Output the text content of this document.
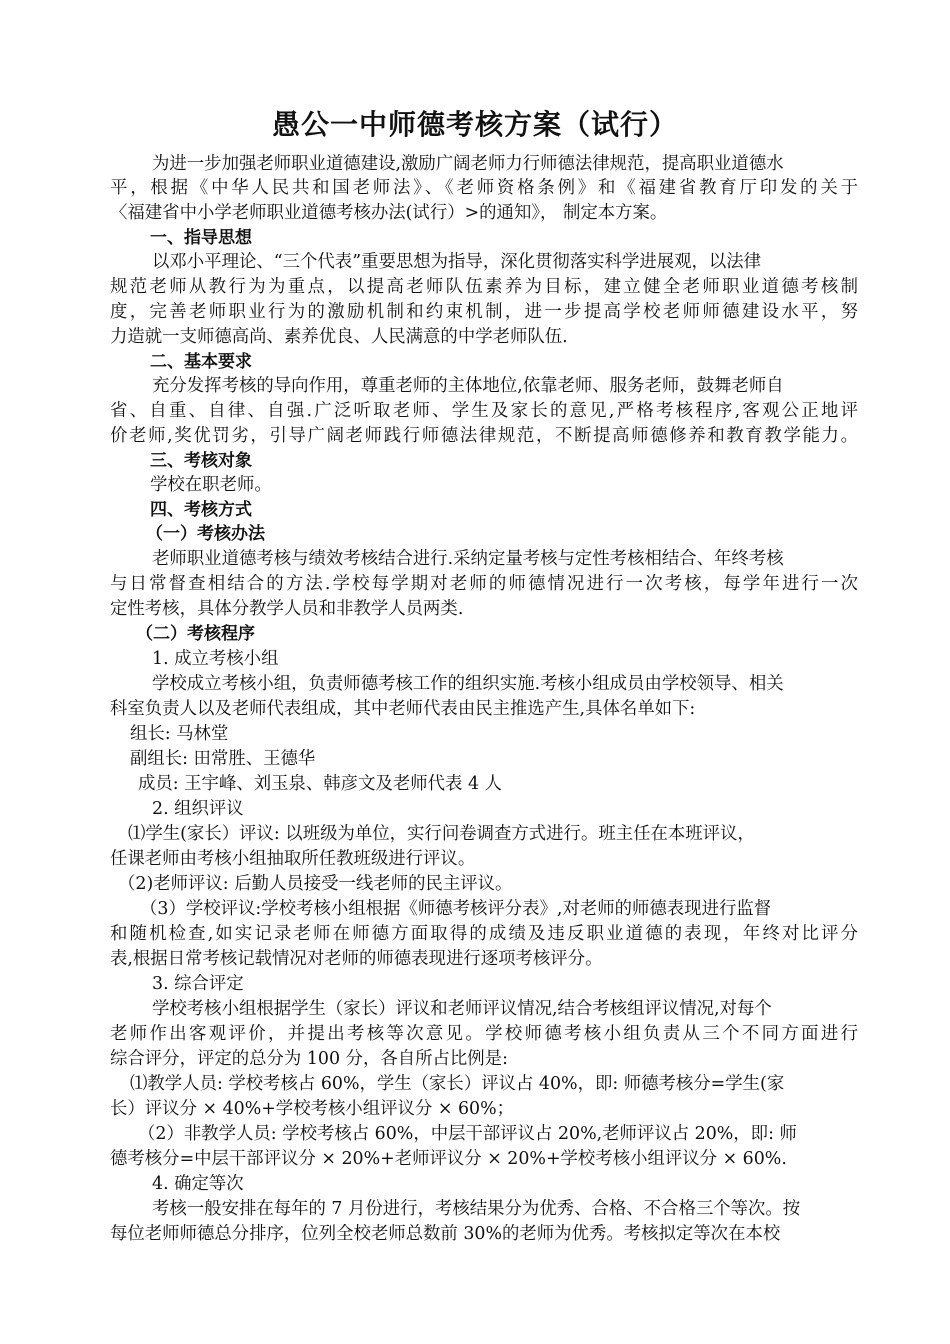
愚公一中师德考核方案（试行）
为进一步加强老师职业道德建设,激励广阔老师力行师德法律规范，提高职业道德水
平，根据《中华人民共和国老师法》、《老师资格条例》和《福建省教育厅印发的关于
〈福建省中小学老师职业道德考核办法(试行）>的通知》， 制定本方案。
一、指导思想
以邓小平理论、“三个代表”重要思想为指导，深化贯彻落实科学进展观，以法律
规范老师从教行为为重点，以提高老师队伍素养为目标，建立健全老师职业道德考核制
度，完善老师职业行为的激励机制和约束机制，进一步提高学校老师师德建设水平，努
力造就一支师德高尚、素养优良、人民满意的中学老师队伍.
二、基本要求
充分发挥考核的导向作用，尊重老师的主体地位,依靠老师、服务老师，鼓舞老师自
省、自重、自律、自强.广泛听取老师、学生及家长的意见,严格考核程序,客观公正地评
价老师,奖优罚劣，引导广阔老师践行师德法律规范，不断提高师德修养和教育教学能力。
三、考核对象
学校在职老师。
四、考核方式
（一）考核办法
老师职业道德考核与绩效考核结合进行.采纳定量考核与定性考核相结合、年终考核
与日常督查相结合的方法.学校每学期对老师的师德情况进行一次考核，每学年进行一次
定性考核，具体分教学人员和非教学人员两类.
（二）考核程序
1. 成立考核小组
学校成立考核小组，负责师德考核工作的组织实施.考核小组成员由学校领导、相关
科室负责人以及老师代表组成，其中老师代表由民主推选产生,具体名单如下:
组长: 马林堂
副组长: 田常胜、王德华
成员: 王宇峰、刘玉泉、韩彦文及老师代表 4 人
2. 组织评议
⑴学生(家长）评议: 以班级为单位，实行问卷调查方式进行。班主任在本班评议，
任课老师由考核小组抽取所任教班级进行评议。
（2)老师评议: 后勤人员接受一线老师的民主评议。
（3）学校评议:学校考核小组根据《师德考核评分表》,对老师的师德表现进行监督
和随机检查,如实记录老师在师德方面取得的成绩及违反职业道德的表现，年终对比评分
表,根据日常考核记载情况对老师的师德表现进行逐项考核评分。
3. 综合评定
学校考核小组根据学生（家长）评议和老师评议情况,结合考核组评议情况,对每个
老师作出客观评价，并提出考核等次意见。学校师德考核小组负责从三个不同方面进行
综合评分，评定的总分为 100 分，各自所占比例是:
⑴教学人员: 学校考核占 60%，学生（家长）评议占 40%，即: 师德考核分=学生(家
长）评议分 × 40%+学校考核小组评议分 × 60%；
（2）非教学人员: 学校考核占 60%，中层干部评议占 20%,老师评议占 20%，即: 师
德考核分=中层干部评议分 × 20%+老师评议分 × 20%+学校考核小组评议分 × 60%.
4. 确定等次
考核一般安排在每年的 7 月份进行，考核结果分为优秀、合格、不合格三个等次。按
每位老师师德总分排序，位列全校老师总数前 30%的老师为优秀。考核拟定等次在本校
